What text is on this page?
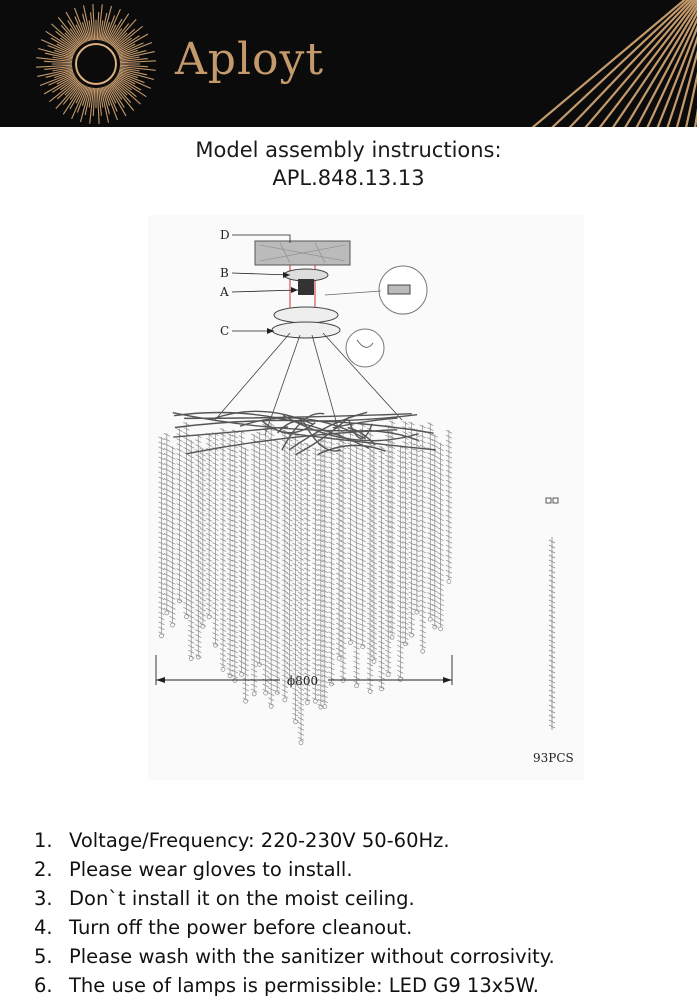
Aployt
Model assembly instructions:
APL.848.13.13
D
B
A
C
ϕ800
93PCS
1. Voltage/Frequency: 220-230V 50-60Hz.
2. Please wear gloves to install.
3. Don`t install it on the moist ceiling.
4. Turn off the power before cleanout.
5. Please wash with the sanitizer without corrosivity.
6. The use of lamps is permissible: LED G9 13x5W.
